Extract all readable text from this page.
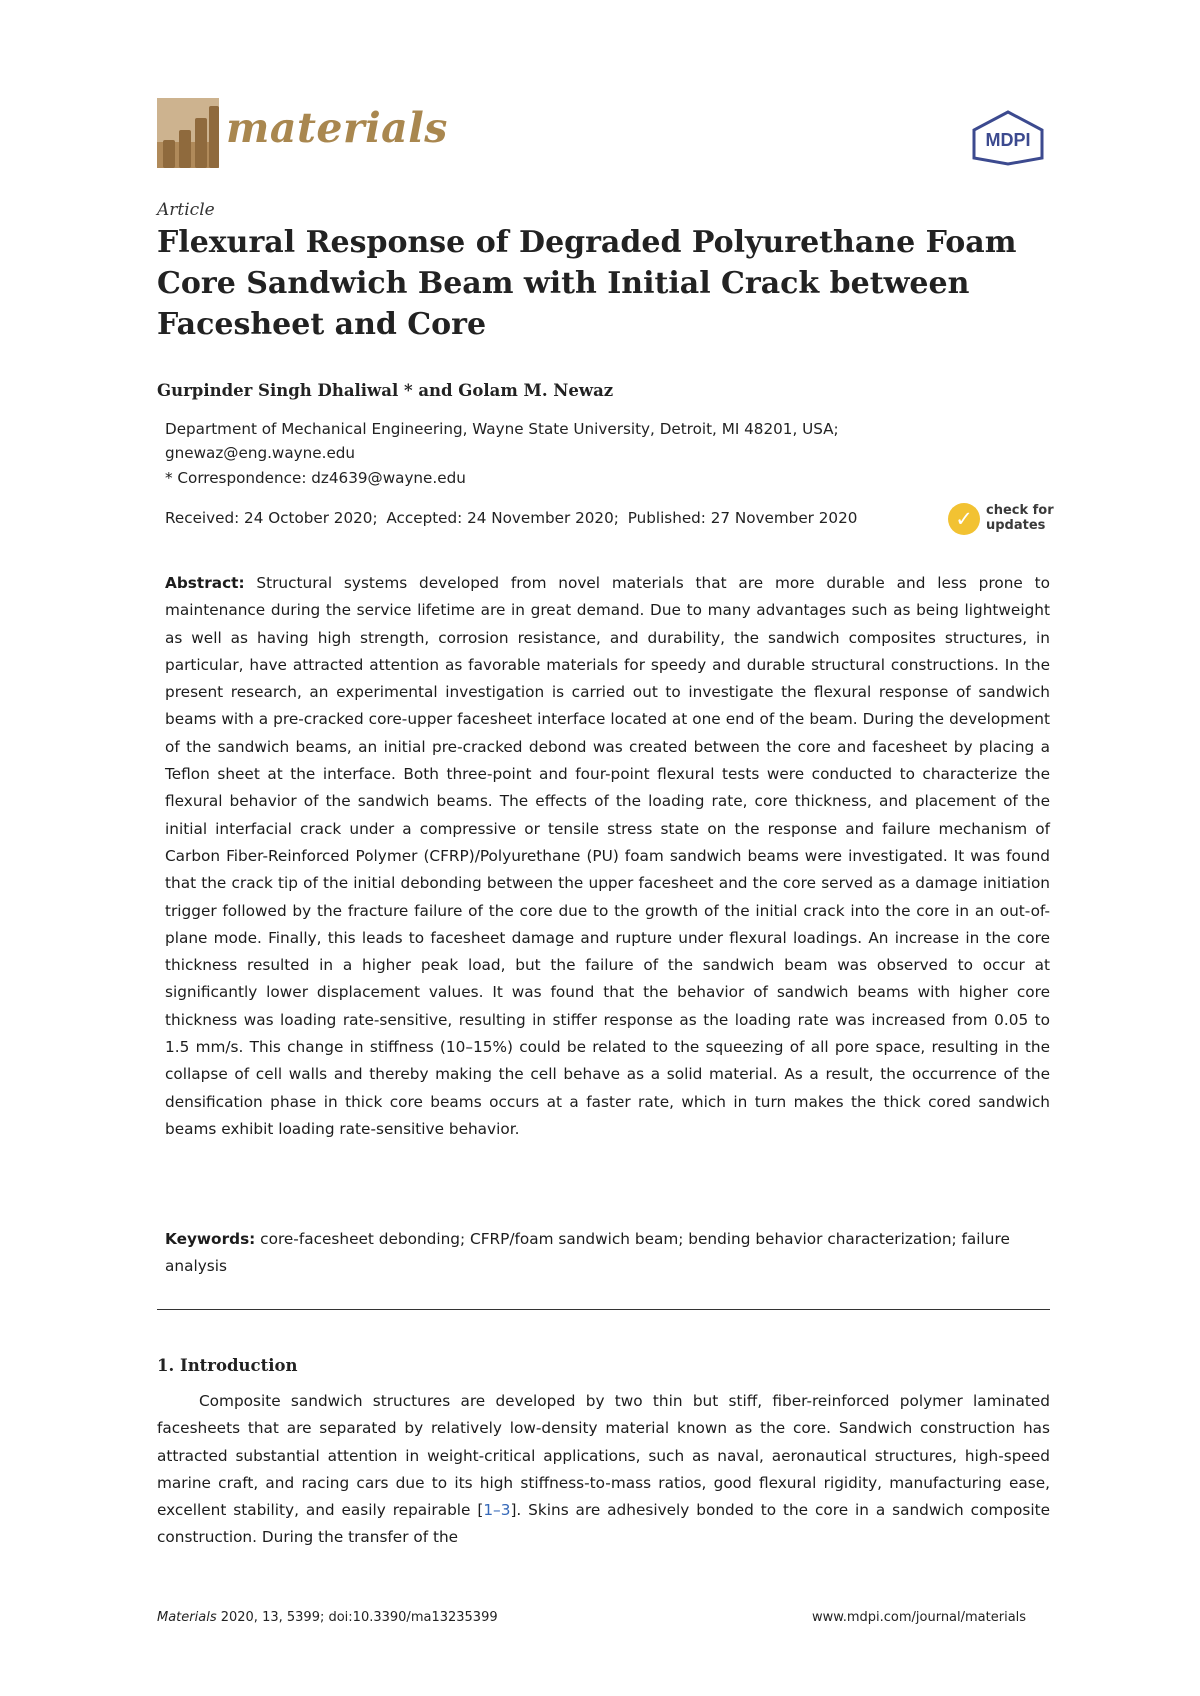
materials	MDPI
Article
Flexural Response of Degraded Polyurethane Foam Core Sandwich Beam with Initial Crack between Facesheet and Core
Gurpinder Singh Dhaliwal * and Golam M. Newaz
Department of Mechanical Engineering, Wayne State University, Detroit, MI 48201, USA;
gnewaz@eng.wayne.edu
* Correspondence: dz4639@wayne.edu
Received: 24 October 2020; Accepted: 24 November 2020; Published: 27 November 2020	✓	check for
updates

Abstract: Structural systems developed from novel materials that are more durable and less prone to maintenance during the service lifetime are in great demand. Due to many advantages such as being lightweight as well as having high strength, corrosion resistance, and durability, the sandwich composites structures, in particular, have attracted attention as favorable materials for speedy and durable structural constructions. In the present research, an experimental investigation is carried out to investigate the flexural response of sandwich beams with a pre-cracked core-upper facesheet interface located at one end of the beam. During the development of the sandwich beams, an initial pre-cracked debond was created between the core and facesheet by placing a Teflon sheet at the interface. Both three-point and four-point flexural tests were conducted to characterize the flexural behavior of the sandwich beams. The effects of the loading rate, core thickness, and placement of the initial interfacial crack under a compressive or tensile stress state on the response and failure mechanism of Carbon Fiber-Reinforced Polymer (CFRP)/Polyurethane (PU) foam sandwich beams were investigated. It was found that the crack tip of the initial debonding between the upper facesheet and the core served as a damage initiation trigger followed by the fracture failure of the core due to the growth of the initial crack into the core in an out-of-plane mode. Finally, this leads to facesheet damage and rupture under flexural loadings. An increase in the core thickness resulted in a higher peak load, but the failure of the sandwich beam was observed to occur at significantly lower displacement values. It was found that the behavior of sandwich beams with higher core thickness was loading rate-sensitive, resulting in stiffer response as the loading rate was increased from 0.05 to 1.5 mm/s. This change in stiffness (10–15%) could be related to the squeezing of all pore space, resulting in the collapse of cell walls and thereby making the cell behave as a solid material. As a result, the occurrence of the densification phase in thick core beams occurs at a faster rate, which in turn makes the thick cored sandwich beams exhibit loading rate-sensitive behavior.

Keywords: core-facesheet debonding; CFRP/foam sandwich beam; bending behavior characterization; failure analysis

1. Introduction

Composite sandwich structures are developed by two thin but stiff, fiber-reinforced polymer laminated facesheets that are separated by relatively low-density material known as the core. Sandwich construction has attracted substantial attention in weight-critical applications, such as naval, aeronautical structures, high-speed marine craft, and racing cars due to its high stiffness-to-mass ratios, good flexural rigidity, manufacturing ease, excellent stability, and easily repairable [1–3]. Skins are adhesively bonded to the core in a sandwich composite construction. During the transfer of the

Materials 2020, 13, 5399; doi:10.3390/ma13235399	www.mdpi.com/journal/materials
